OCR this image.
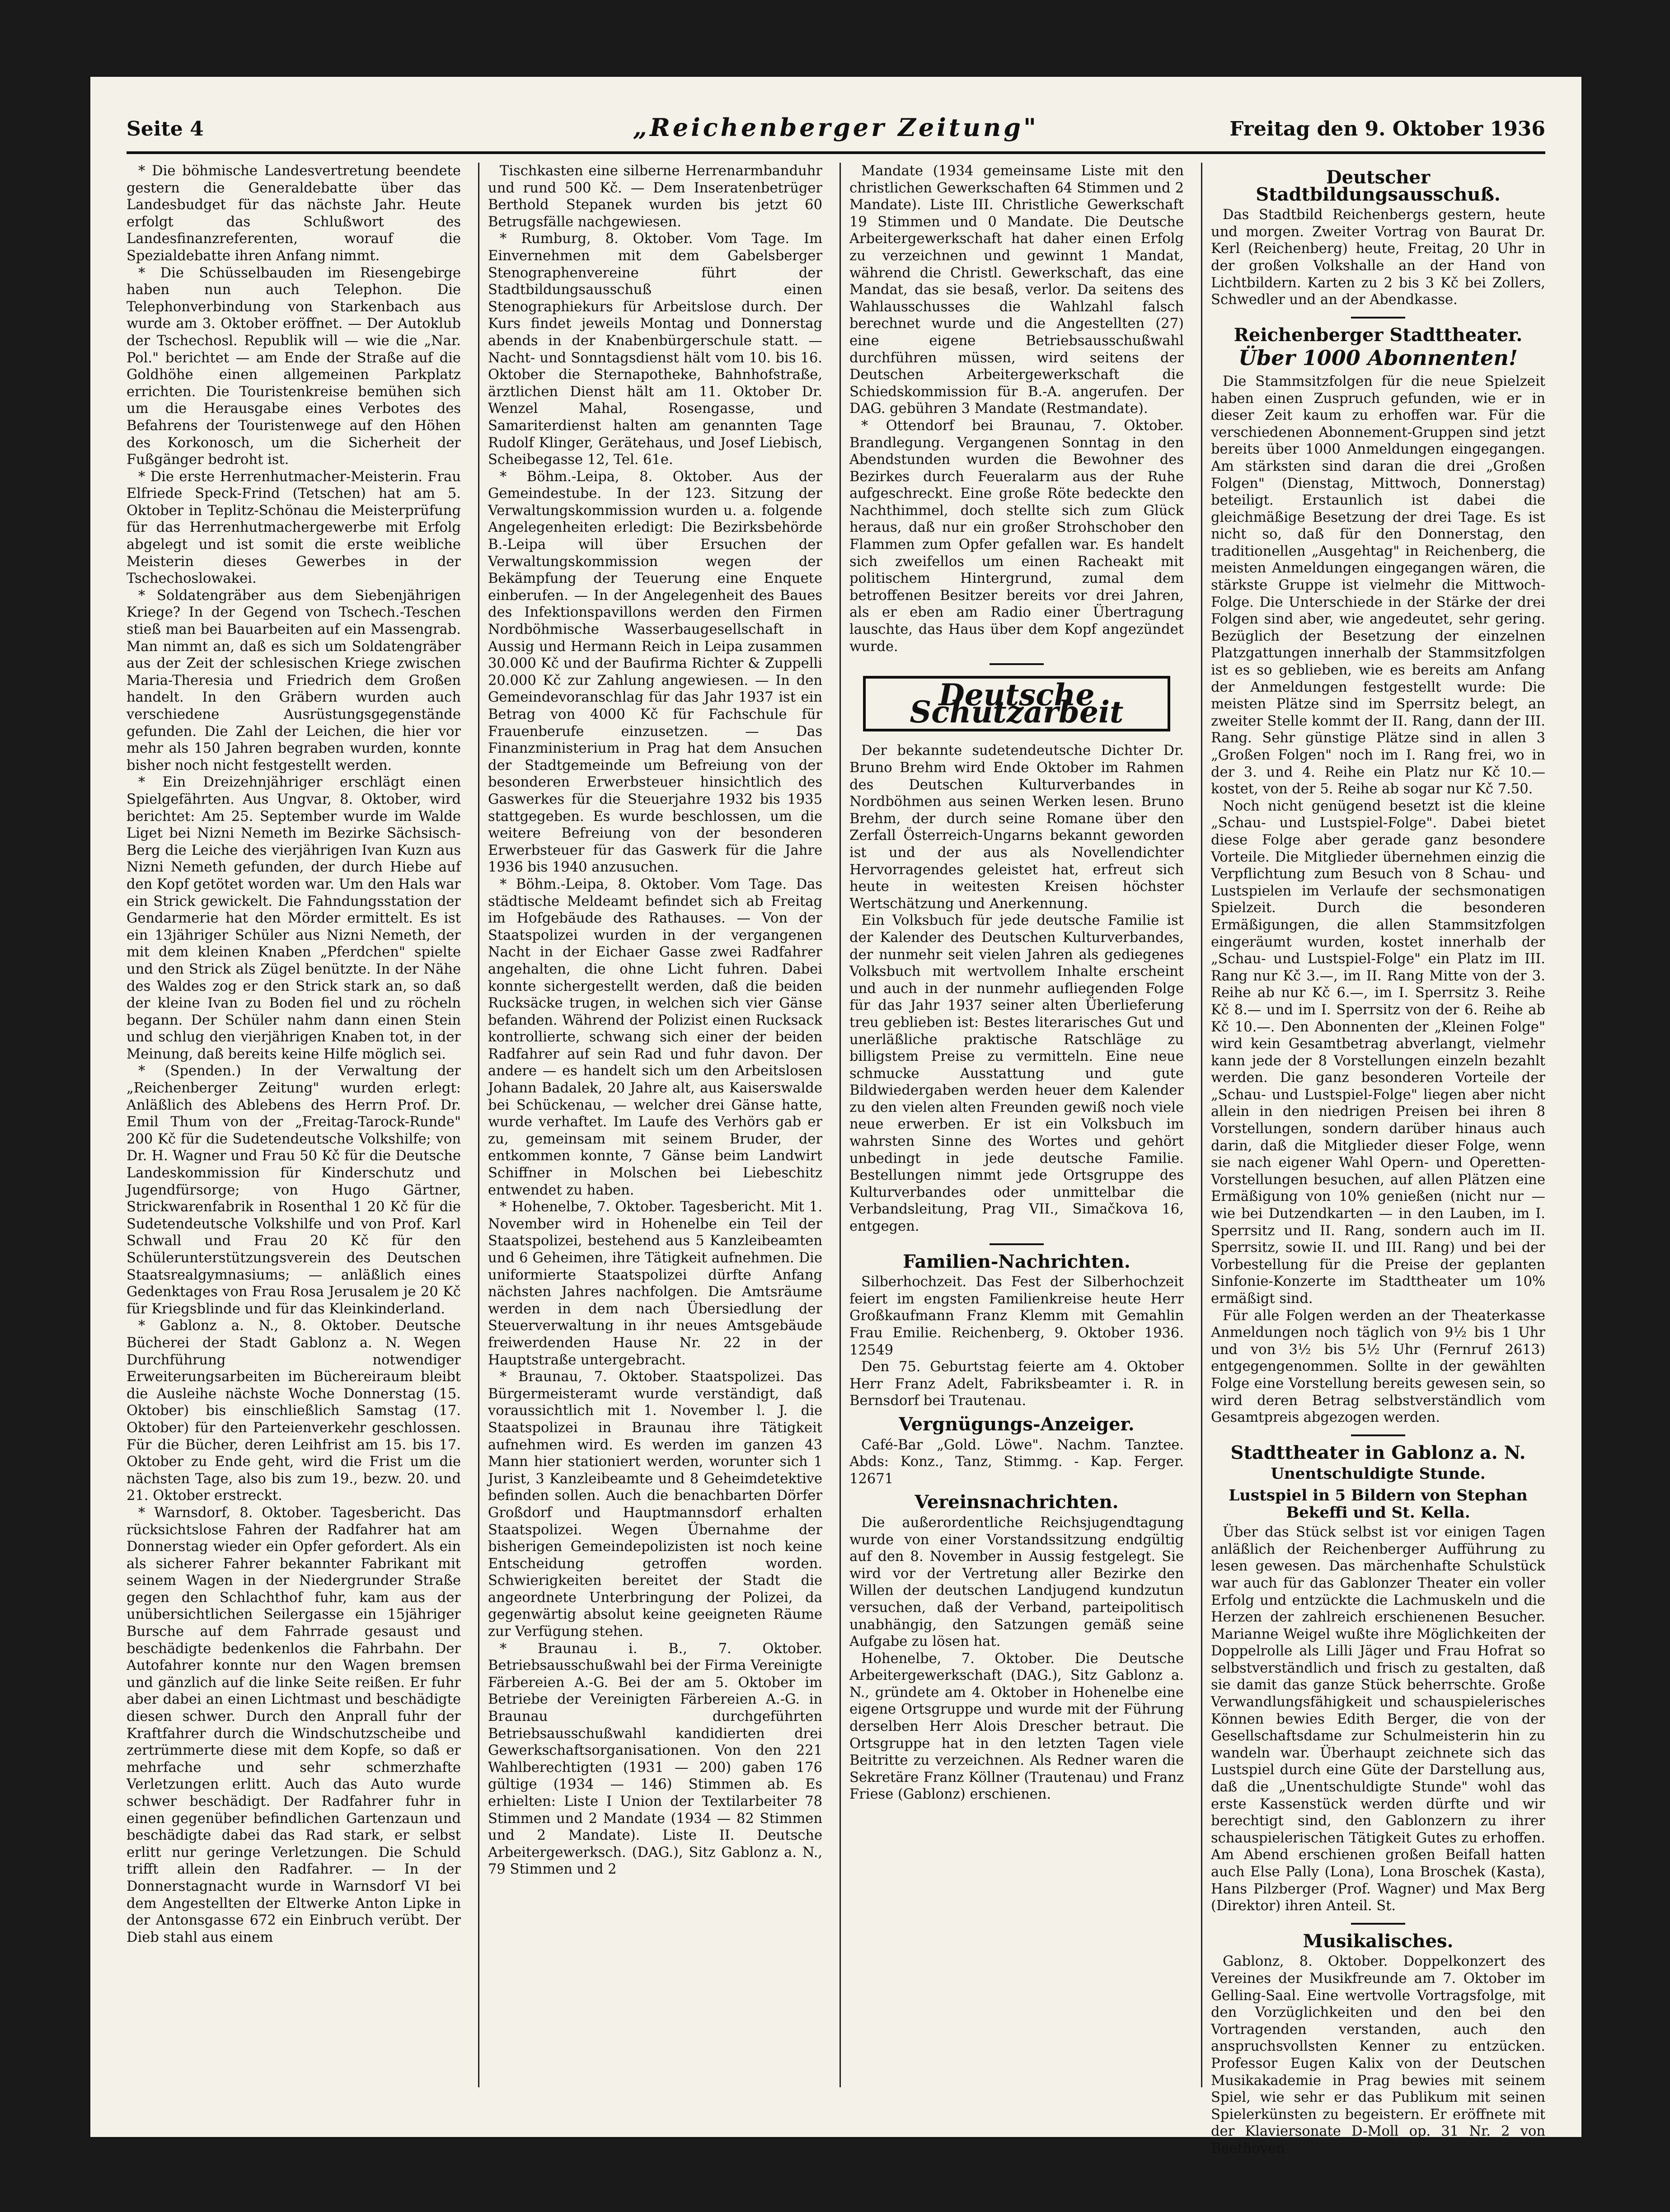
Seite 4	„Reichenberger Zeitung"	Freitag den 9. Oktober 1936

* Die böhmische Landesvertretung beendete gestern die Generaldebatte über das Landesbudget für das nächste Jahr. Heute erfolgt das Schlußwort des Landesfinanzreferenten, worauf die Spezialdebatte ihren Anfang nimmt.

* Die Schüsselbauden im Riesengebirge haben nun auch Telephon. Die Telephonverbindung von Starkenbach aus wurde am 3. Oktober eröffnet. — Der Autoklub der Tschechosl. Republik will — wie die „Nar. Pol." berichtet — am Ende der Straße auf die Goldhöhe einen allgemeinen Parkplatz errichten. Die Touristenkreise bemühen sich um die Herausgabe eines Verbotes des Befahrens der Touristenwege auf den Höhen des Korkonosch, um die Sicherheit der Fußgänger bedroht ist.

* Die erste Herrenhutmacher-Meisterin. Frau Elfriede Speck-Frind (Tetschen) hat am 5. Oktober in Teplitz-Schönau die Meisterprüfung für das Herrenhutmachergewerbe mit Erfolg abgelegt und ist somit die erste weibliche Meisterin dieses Gewerbes in der Tschechoslowakei.

* Soldatengräber aus dem Siebenjährigen Kriege? In der Gegend von Tschech.-Teschen stieß man bei Bauarbeiten auf ein Massengrab. Man nimmt an, daß es sich um Soldatengräber aus der Zeit der schlesischen Kriege zwischen Maria-Theresia und Friedrich dem Großen handelt. In den Gräbern wurden auch verschiedene Ausrüstungsgegenstände gefunden. Die Zahl der Leichen, die hier vor mehr als 150 Jahren begraben wurden, konnte bisher noch nicht festgestellt werden.

* Ein Dreizehnjähriger erschlägt einen Spielgefährten. Aus Ungvar, 8. Oktober, wird berichtet: Am 25. September wurde im Walde Liget bei Nizni Nemeth im Bezirke Sächsisch-Berg die Leiche des vierjährigen Ivan Kuzn aus Nizni Nemeth gefunden, der durch Hiebe auf den Kopf getötet worden war. Um den Hals war ein Strick gewickelt. Die Fahndungsstation der Gendarmerie hat den Mörder ermittelt. Es ist ein 13jähriger Schüler aus Nizni Nemeth, der mit dem kleinen Knaben „Pferdchen" spielte und den Strick als Zügel benützte. In der Nähe des Waldes zog er den Strick stark an, so daß der kleine Ivan zu Boden fiel und zu röcheln begann. Der Schüler nahm dann einen Stein und schlug den vierjährigen Knaben tot, in der Meinung, daß bereits keine Hilfe möglich sei.

* (Spenden.) In der Verwaltung der „Reichenberger Zeitung" wurden erlegt: Anläßlich des Ablebens des Herrn Prof. Dr. Emil Thum von der „Freitag-Tarock-Runde" 200 Kč für die Sudetendeutsche Volkshilfe; von Dr. H. Wagner und Frau 50 Kč für die Deutsche Landeskommission für Kinderschutz und Jugendfürsorge; von Hugo Gärtner, Strickwarenfabrik in Rosenthal 1 20 Kč für die Sudetendeutsche Volkshilfe und von Prof. Karl Schwall und Frau 20 Kč für den Schülerunterstützungsverein des Deutschen Staatsrealgymnasiums; — anläßlich eines Gedenktages von Frau Rosa Jerusalem je 20 Kč für Kriegsblinde und für das Kleinkinderland.

* Gablonz a. N., 8. Oktober. Deutsche Bücherei der Stadt Gablonz a. N. Wegen Durchführung notwendiger Erweiterungsarbeiten im Büchereiraum bleibt die Ausleihe nächste Woche Donnerstag (15. Oktober) bis einschließlich Samstag (17. Oktober) für den Parteienverkehr geschlossen. Für die Bücher, deren Leihfrist am 15. bis 17. Oktober zu Ende geht, wird die Frist um die nächsten Tage, also bis zum 19., bezw. 20. und 21. Oktober erstreckt.

* Warnsdorf, 8. Oktober. Tagesbericht. Das rücksichtslose Fahren der Radfahrer hat am Donnerstag wieder ein Opfer gefordert. Als ein als sicherer Fahrer bekannter Fabrikant mit seinem Wagen in der Niedergrunder Straße gegen den Schlachthof fuhr, kam aus der unübersichtlichen Seilergasse ein 15jähriger Bursche auf dem Fahrrade gesaust und beschädigte bedenkenlos die Fahrbahn. Der Autofahrer konnte nur den Wagen bremsen und gänzlich auf die linke Seite reißen. Er fuhr aber dabei an einen Lichtmast und beschädigte diesen schwer. Durch den Anprall fuhr der Kraftfahrer durch die Windschutzscheibe und zertrümmerte diese mit dem Kopfe, so daß er mehrfache und sehr schmerzhafte Verletzungen erlitt. Auch das Auto wurde schwer beschädigt. Der Radfahrer fuhr in einen gegenüber befindlichen Gartenzaun und beschädigte dabei das Rad stark, er selbst erlitt nur geringe Verletzungen. Die Schuld trifft allein den Radfahrer. — In der Donnerstagnacht wurde in Warnsdorf VI bei dem Angestellten der Eltwerke Anton Lipke in der Antonsgasse 672 ein Einbruch verübt. Der Dieb stahl aus einem

Tischkasten eine silberne Herrenarmbanduhr und rund 500 Kč. — Dem Inseratenbetrüger Berthold Stepanek wurden bis jetzt 60 Betrugsfälle nachgewiesen.

* Rumburg, 8. Oktober. Vom Tage. Im Einvernehmen mit dem Gabelsberger Stenographenvereine führt der Stadtbildungsausschuß einen Stenographiekurs für Arbeitslose durch. Der Kurs findet jeweils Montag und Donnerstag abends in der Knabenbürgerschule statt. — Nacht- und Sonntagsdienst hält vom 10. bis 16. Oktober die Sternapotheke, Bahnhofstraße, ärztlichen Dienst hält am 11. Oktober Dr. Wenzel Mahal, Rosengasse, und Samariterdienst halten am genannten Tage Rudolf Klinger, Gerätehaus, und Josef Liebisch, Scheibegasse 12, Tel. 61e.

* Böhm.-Leipa, 8. Oktober. Aus der Gemeindestube. In der 123. Sitzung der Verwaltungskommission wurden u. a. folgende Angelegenheiten erledigt: Die Bezirksbehörde B.-Leipa will über Ersuchen der Verwaltungskommission wegen der Bekämpfung der Teuerung eine Enquete einberufen. — In der Angelegenheit des Baues des Infektionspavillons werden den Firmen Nordböhmische Wasserbaugesellschaft in Aussig und Hermann Reich in Leipa zusammen 30.000 Kč und der Baufirma Richter & Zuppelli 20.000 Kč zur Zahlung angewiesen. — In den Gemeindevoranschlag für das Jahr 1937 ist ein Betrag von 4000 Kč für Fachschule für Frauenberufe einzusetzen. — Das Finanzministerium in Prag hat dem Ansuchen der Stadtgemeinde um Befreiung von der besonderen Erwerbsteuer hinsichtlich des Gaswerkes für die Steuerjahre 1932 bis 1935 stattgegeben. Es wurde beschlossen, um die weitere Befreiung von der besonderen Erwerbsteuer für das Gaswerk für die Jahre 1936 bis 1940 anzusuchen.

* Böhm.-Leipa, 8. Oktober. Vom Tage. Das städtische Meldeamt befindet sich ab Freitag im Hofgebäude des Rathauses. — Von der Staatspolizei wurden in der vergangenen Nacht in der Eichaer Gasse zwei Radfahrer angehalten, die ohne Licht fuhren. Dabei konnte sichergestellt werden, daß die beiden Rucksäcke trugen, in welchen sich vier Gänse befanden. Während der Polizist einen Rucksack kontrollierte, schwang sich einer der beiden Radfahrer auf sein Rad und fuhr davon. Der andere — es handelt sich um den Arbeitslosen Johann Badalek, 20 Jahre alt, aus Kaiserswalde bei Schückenau, — welcher drei Gänse hatte, wurde verhaftet. Im Laufe des Verhörs gab er zu, gemeinsam mit seinem Bruder, der entkommen konnte, 7 Gänse beim Landwirt Schiffner in Molschen bei Liebeschitz entwendet zu haben.

* Hohenelbe, 7. Oktober. Tagesbericht. Mit 1. November wird in Hohenelbe ein Teil der Staatspolizei, bestehend aus 5 Kanzleibeamten und 6 Geheimen, ihre Tätigkeit aufnehmen. Die uniformierte Staatspolizei dürfte Anfang nächsten Jahres nachfolgen. Die Amtsräume werden in dem nach Übersiedlung der Steuerverwaltung in ihr neues Amtsgebäude freiwerdenden Hause Nr. 22 in der Hauptstraße untergebracht.

* Braunau, 7. Oktober. Staatspolizei. Das Bürgermeisteramt wurde verständigt, daß voraussichtlich mit 1. November l. J. die Staatspolizei in Braunau ihre Tätigkeit aufnehmen wird. Es werden im ganzen 43 Mann hier stationiert werden, worunter sich 1 Jurist, 3 Kanzleibeamte und 8 Geheimdetektive befinden sollen. Auch die benachbarten Dörfer Großdorf und Hauptmannsdorf erhalten Staatspolizei. Wegen Übernahme der bisherigen Gemeindepolizisten ist noch keine Entscheidung getroffen worden. Schwierigkeiten bereitet der Stadt die angeordnete Unterbringung der Polizei, da gegenwärtig absolut keine geeigneten Räume zur Verfügung stehen.

* Braunau i. B., 7. Oktober. Betriebsausschußwahl bei der Firma Vereinigte Färbereien A.-G. Bei der am 5. Oktober im Betriebe der Vereinigten Färbereien A.-G. in Braunau durchgeführten Betriebsausschußwahl kandidierten drei Gewerkschaftsorganisationen. Von den 221 Wahlberechtigten (1931 — 200) gaben 176 gültige (1934 — 146) Stimmen ab. Es erhielten: Liste I Union der Textilarbeiter 78 Stimmen und 2 Mandate (1934 — 82 Stimmen und 2 Mandate). Liste II. Deutsche Arbeitergewerksch. (DAG.), Sitz Gablonz a. N., 79 Stimmen und 2

Mandate (1934 gemeinsame Liste mit den christlichen Gewerkschaften 64 Stimmen und 2 Mandate). Liste III. Christliche Gewerkschaft 19 Stimmen und 0 Mandate. Die Deutsche Arbeitergewerkschaft hat daher einen Erfolg zu verzeichnen und gewinnt 1 Mandat, während die Christl. Gewerkschaft, das eine Mandat, das sie besaß, verlor. Da seitens des Wahlausschusses die Wahlzahl falsch berechnet wurde und die Angestellten (27) eine eigene Betriebsausschußwahl durchführen müssen, wird seitens der Deutschen Arbeitergewerkschaft die Schiedskommission für B.-A. angerufen. Der DAG. gebühren 3 Mandate (Restmandate).

* Ottendorf bei Braunau, 7. Oktober. Brandlegung. Vergangenen Sonntag in den Abendstunden wurden die Bewohner des Bezirkes durch Feueralarm aus der Ruhe aufgeschreckt. Eine große Röte bedeckte den Nachthimmel, doch stellte sich zum Glück heraus, daß nur ein großer Strohschober den Flammen zum Opfer gefallen war. Es handelt sich zweifellos um einen Racheakt mit politischem Hintergrund, zumal dem betroffenen Besitzer bereits vor drei Jahren, als er eben am Radio einer Übertragung lauschte, das Haus über dem Kopf angezündet wurde.

Deutsche Schutzarbeit

Der bekannte sudetendeutsche Dichter Dr. Bruno Brehm wird Ende Oktober im Rahmen des Deutschen Kulturverbandes in Nordböhmen aus seinen Werken lesen. Bruno Brehm, der durch seine Romane über den Zerfall Österreich-Ungarns bekannt geworden ist und der aus als Novellendichter Hervorragendes geleistet hat, erfreut sich heute in weitesten Kreisen höchster Wertschätzung und Anerkennung.

Ein Volksbuch für jede deutsche Familie ist der Kalender des Deutschen Kulturverbandes, der nunmehr seit vielen Jahren als gediegenes Volksbuch mit wertvollem Inhalte erscheint und auch in der nunmehr aufliegenden Folge für das Jahr 1937 seiner alten Überlieferung treu geblieben ist: Bestes literarisches Gut und unerläßliche praktische Ratschläge zu billigstem Preise zu vermitteln. Eine neue schmucke Ausstattung und gute Bildwiedergaben werden heuer dem Kalender zu den vielen alten Freunden gewiß noch viele neue erwerben. Er ist ein Volksbuch im wahrsten Sinne des Wortes und gehört unbedingt in jede deutsche Familie. Bestellungen nimmt jede Ortsgruppe des Kulturverbandes oder unmittelbar die Verbandsleitung, Prag VII., Simačkova 16, entgegen.

Familien-Nachrichten.

Silberhochzeit. Das Fest der Silberhochzeit feiert im engsten Familienkreise heute Herr Großkaufmann Franz Klemm mit Gemahlin Frau Emilie. Reichenberg, 9. Oktober 1936. 12549

Den 75. Geburtstag feierte am 4. Oktober Herr Franz Adelt, Fabriksbeamter i. R. in Bernsdorf bei Trautenau.

Vergnügungs-Anzeiger.

Café-Bar „Gold. Löwe". Nachm. Tanztee. Abds: Konz., Tanz, Stimmg. - Kap. Ferger. 12671

Vereinsnachrichten.

Die außerordentliche Reichsjugendtagung wurde von einer Vorstandssitzung endgültig auf den 8. November in Aussig festgelegt. Sie wird vor der Vertretung aller Bezirke den Willen der deutschen Landjugend kundzutun versuchen, daß der Verband, parteipolitisch unabhängig, den Satzungen gemäß seine Aufgabe zu lösen hat.

Hohenelbe, 7. Oktober. Die Deutsche Arbeitergewerkschaft (DAG.), Sitz Gablonz a. N., gründete am 4. Oktober in Hohenelbe eine eigene Ortsgruppe und wurde mit der Führung derselben Herr Alois Drescher betraut. Die Ortsgruppe hat in den letzten Tagen viele Beitritte zu verzeichnen. Als Redner waren die Sekretäre Franz Köllner (Trautenau) und Franz Friese (Gablonz) erschienen.

Deutscher Stadtbildungsausschuß.

Das Stadtbild Reichenbergs gestern, heute und morgen. Zweiter Vortrag von Baurat Dr. Kerl (Reichenberg) heute, Freitag, 20 Uhr in der großen Volkshalle an der Hand von Lichtbildern. Karten zu 2 bis 3 Kč bei Zollers, Schwedler und an der Abendkasse.

Reichenberger Stadttheater.
Über 1000 Abonnenten!

Die Stammsitzfolgen für die neue Spielzeit haben einen Zuspruch gefunden, wie er in dieser Zeit kaum zu erhoffen war. Für die verschiedenen Abonnement-Gruppen sind jetzt bereits über 1000 Anmeldungen eingegangen. Am stärksten sind daran die drei „Großen Folgen" (Dienstag, Mittwoch, Donnerstag) beteiligt. Erstaunlich ist dabei die gleichmäßige Besetzung der drei Tage. Es ist nicht so, daß für den Donnerstag, den traditionellen „Ausgehtag" in Reichenberg, die meisten Anmeldungen eingegangen wären, die stärkste Gruppe ist vielmehr die Mittwoch-Folge. Die Unterschiede in der Stärke der drei Folgen sind aber, wie angedeutet, sehr gering. Bezüglich der Besetzung der einzelnen Platzgattungen innerhalb der Stammsitzfolgen ist es so geblieben, wie es bereits am Anfang der Anmeldungen festgestellt wurde: Die meisten Plätze sind im Sperrsitz belegt, an zweiter Stelle kommt der II. Rang, dann der III. Rang. Sehr günstige Plätze sind in allen 3 „Großen Folgen" noch im I. Rang frei, wo in der 3. und 4. Reihe ein Platz nur Kč 10.— kostet, von der 5. Reihe ab sogar nur Kč 7.50.

Noch nicht genügend besetzt ist die kleine „Schau- und Lustspiel-Folge". Dabei bietet diese Folge aber gerade ganz besondere Vorteile. Die Mitglieder übernehmen einzig die Verpflichtung zum Besuch von 8 Schau- und Lustspielen im Verlaufe der sechsmonatigen Spielzeit. Durch die besonderen Ermäßigungen, die allen Stammsitzfolgen eingeräumt wurden, kostet innerhalb der „Schau- und Lustspiel-Folge" ein Platz im III. Rang nur Kč 3.—, im II. Rang Mitte von der 3. Reihe ab nur Kč 6.—, im I. Sperrsitz 3. Reihe Kč 8.— und im I. Sperrsitz von der 6. Reihe ab Kč 10.—. Den Abonnenten der „Kleinen Folge" wird kein Gesamtbetrag abverlangt, vielmehr kann jede der 8 Vorstellungen einzeln bezahlt werden. Die ganz besonderen Vorteile der „Schau- und Lustspiel-Folge" liegen aber nicht allein in den niedrigen Preisen bei ihren 8 Vorstellungen, sondern darüber hinaus auch darin, daß die Mitglieder dieser Folge, wenn sie nach eigener Wahl Opern- und Operetten-Vorstellungen besuchen, auf allen Plätzen eine Ermäßigung von 10% genießen (nicht nur — wie bei Dutzendkarten — in den Lauben, im I. Sperrsitz und II. Rang, sondern auch im II. Sperrsitz, sowie II. und III. Rang) und bei der Vorbestellung für die Preise der geplanten Sinfonie-Konzerte im Stadttheater um 10% ermäßigt sind.

Für alle Folgen werden an der Theaterkasse Anmeldungen noch täglich von 9½ bis 1 Uhr und von 3½ bis 5½ Uhr (Fernruf 2613) entgegengenommen. Sollte in der gewählten Folge eine Vorstellung bereits gewesen sein, so wird deren Betrag selbstverständlich vom Gesamtpreis abgezogen werden.

Stadttheater in Gablonz a. N.
Unentschuldigte Stunde.
Lustspiel in 5 Bildern von Stephan Bekeffi und St. Kella.

Über das Stück selbst ist vor einigen Tagen anläßlich der Reichenberger Aufführung zu lesen gewesen. Das märchenhafte Schulstück war auch für das Gablonzer Theater ein voller Erfolg und entzückte die Lachmuskeln und die Herzen der zahlreich erschienenen Besucher. Marianne Weigel wußte ihre Möglichkeiten der Doppelrolle als Lilli Jäger und Frau Hofrat so selbstverständlich und frisch zu gestalten, daß sie damit das ganze Stück beherrschte. Große Verwandlungsfähigkeit und schauspielerisches Können bewies Edith Berger, die von der Gesellschaftsdame zur Schulmeisterin hin zu wandeln war. Überhaupt zeichnete sich das Lustspiel durch eine Güte der Darstellung aus, daß die „Unentschuldigte Stunde" wohl das erste Kassenstück werden dürfte und wir berechtigt sind, den Gablonzern zu ihrer schauspielerischen Tätigkeit Gutes zu erhoffen. Am Abend erschienen großen Beifall hatten auch Else Pally (Lona), Lona Broschek (Kasta), Hans Pilzberger (Prof. Wagner) und Max Berg (Direktor) ihren Anteil. St.

Musikalisches.

Gablonz, 8. Oktober. Doppelkonzert des Vereines der Musikfreunde am 7. Oktober im Gelling-Saal. Eine wertvolle Vortragsfolge, mit den Vorzüglichkeiten und den bei den Vortragenden verstanden, auch den anspruchsvollsten Kenner zu entzücken. Professor Eugen Kalix von der Deutschen Musikakademie in Prag bewies mit seinem Spiel, wie sehr er das Publikum mit seinen Spielerkünsten zu begeistern. Er eröffnete mit der Klaviersonate D-Moll op. 31 Nr. 2 von Beethoven
